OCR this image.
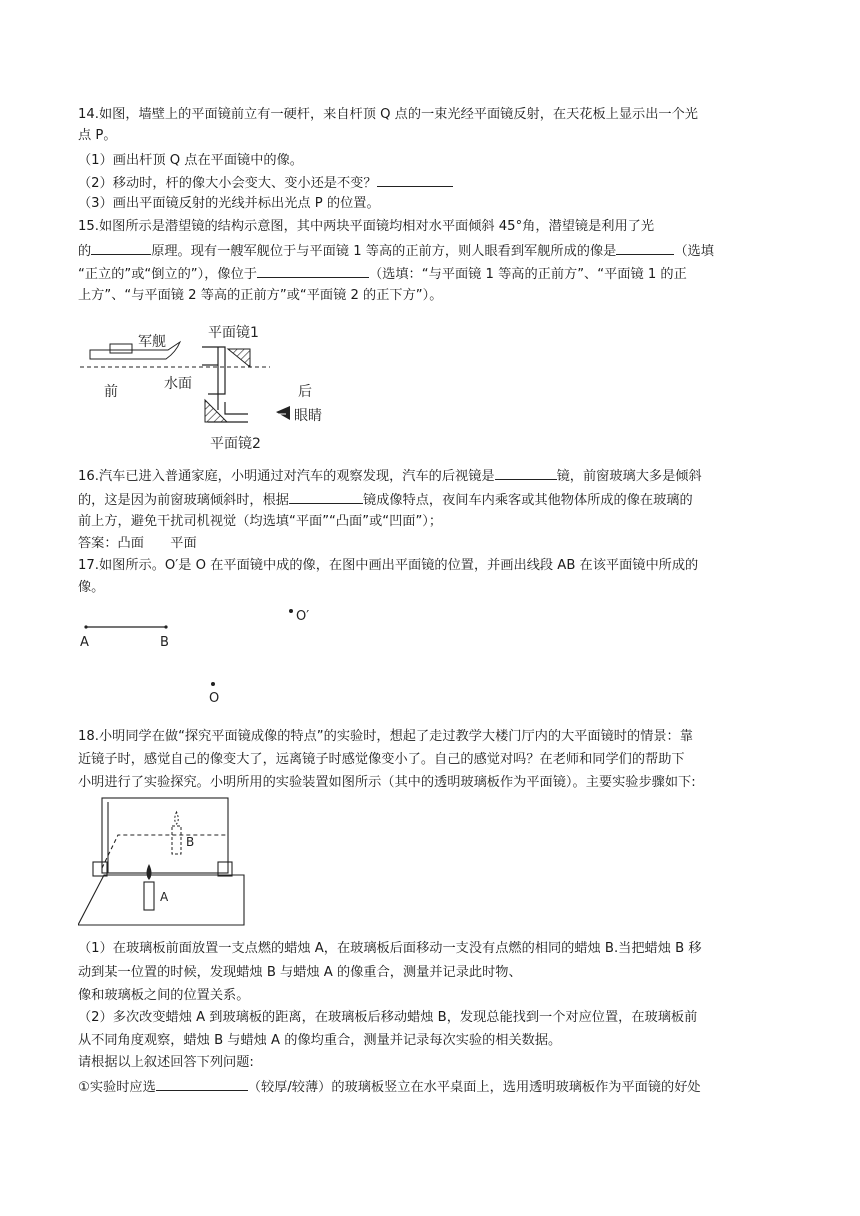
14.如图，墙壁上的平面镜前立有一硬杆，来自杆顶 Q 点的一束光经平面镜反射，在天花板上显示出一个光
点 P。
（1）画出杆顶 Q 点在平面镜中的像。
（2）移动时，杆的像大小会变大、变小还是不变？
（3）画出平面镜反射的光线并标出光点 P 的位置。
15.如图所示是潜望镜的结构示意图，其中两块平面镜均相对水平面倾斜 45°角，潜望镜是利用了光
的	原理。现有一艘军舰位于与平面镜 1 等高的正前方，则人眼看到军舰所成的像是	（选填
“正立的”或“倒立的”），像位于	（选填：“与平面镜 1 等高的正前方”、“平面镜 1 的正
上方”、“与平面镜 2 等高的正前方”或“平面镜 2 的正下方”）。
军舰
平面镜1
前	水面	后
眼睛
平面镜2
16.汽车已进入普通家庭，小明通过对汽车的观察发现，汽车的后视镜是	镜，前窗玻璃大多是倾斜
的，这是因为前窗玻璃倾斜时，根据	镜成像特点，夜间车内乘客或其他物体所成的像在玻璃的
前上方，避免干扰司机视觉（均选填“平面”“凸面”或“凹面”）；
答案：凸面　　平面
17.如图所示。O′是 O 在平面镜中成的像，在图中画出平面镜的位置，并画出线段 AB 在该平面镜中所成的
像。
A	B
O′
O
18.小明同学在做“探究平面镜成像的特点”的实验时，想起了走过教学大楼门厅内的大平面镜时的情景：靠
近镜子时，感觉自己的像变大了，远离镜子时感觉像变小了。自己的感觉对吗？在老师和同学们的帮助下
小明进行了实验探究。小明所用的实验装置如图所示（其中的透明玻璃板作为平面镜）。主要实验步骤如下:
B
A
（1）在玻璃板前面放置一支点燃的蜡烛 A，在玻璃板后面移动一支没有点燃的相同的蜡烛 B.当把蜡烛 B 移
动到某一位置的时候，发现蜡烛 B 与蜡烛 A 的像重合，测量并记录此时物、
像和玻璃板之间的位置关系。
（2）多次改变蜡烛 A 到玻璃板的距离，在玻璃板后移动蜡烛 B，发现总能找到一个对应位置，在玻璃板前
从不同角度观察，蜡烛 B 与蜡烛 A 的像均重合，测量并记录每次实验的相关数据。
请根据以上叙述回答下列问题:
①实验时应选	（较厚/较薄）的玻璃板竖立在水平桌面上，选用透明玻璃板作为平面镜的好处
